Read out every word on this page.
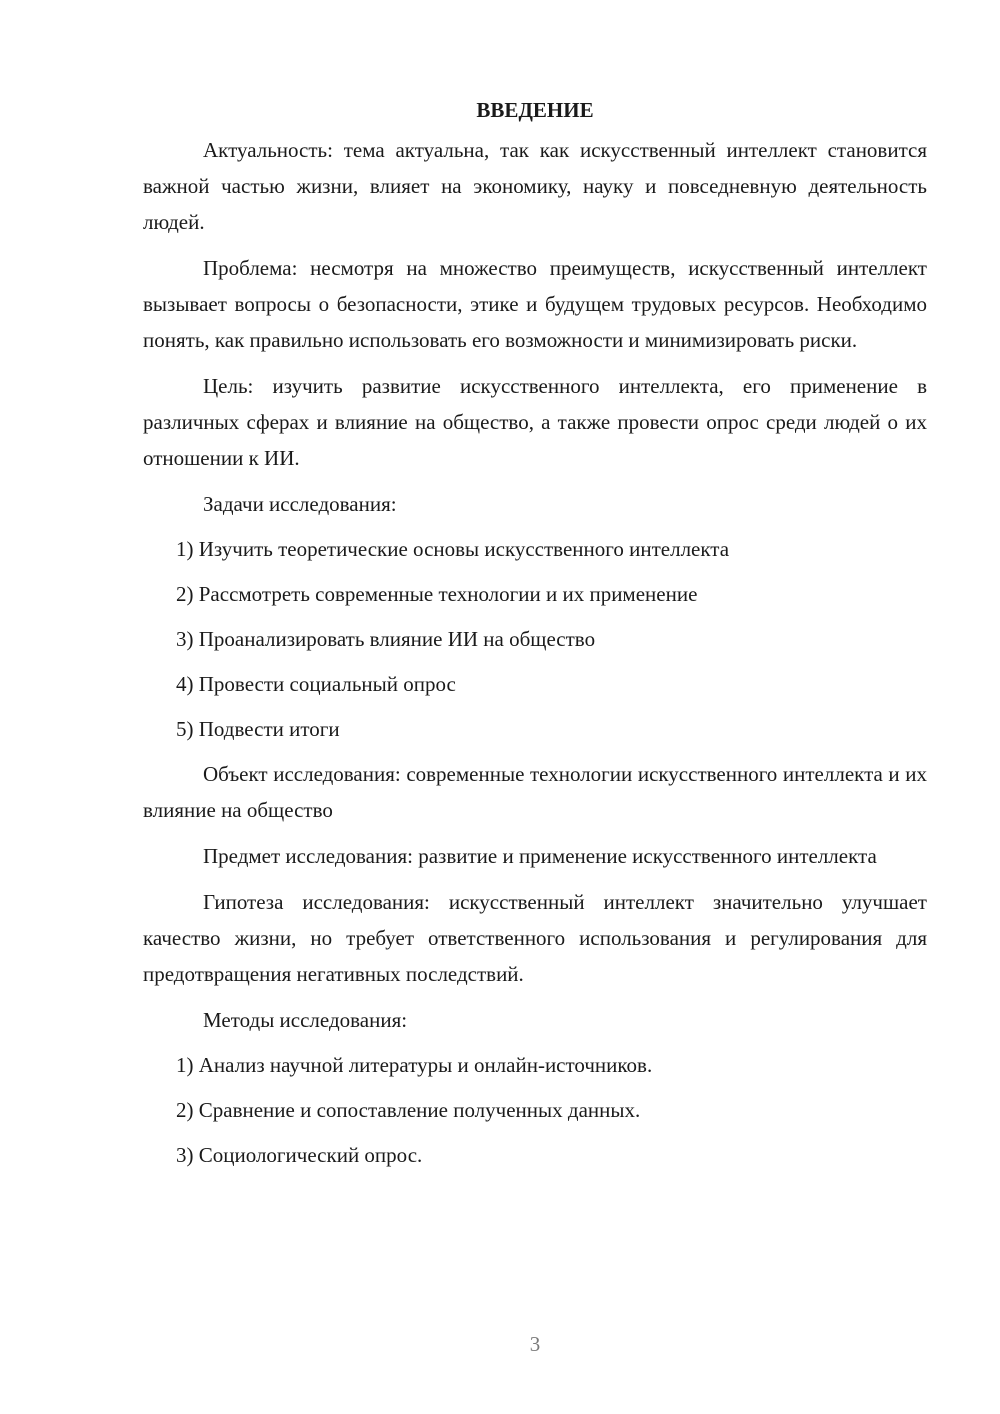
ВВЕДЕНИЕ

Актуальность: тема актуальна, так как искусственный интеллект становится важной частью жизни, влияет на экономику, науку и повседневную деятельность людей.

Проблема: несмотря на множество преимуществ, искусственный интеллект вызывает вопросы о безопасности, этике и будущем трудовых ресурсов. Необходимо понять, как правильно использовать его возможности и минимизировать риски.

Цель: изучить развитие искусственного интеллекта, его применение в различных сферах и влияние на общество, а также провести опрос среди людей о их отношении к ИИ.

Задачи исследования:

1) Изучить теоретические основы искусственного интеллекта
2) Рассмотреть современные технологии и их применение
3) Проанализировать влияние ИИ на общество
4) Провести социальный опрос
5) Подвести итоги

Объект исследования: современные технологии искусственного интеллекта и их влияние на общество

Предмет исследования: развитие и применение искусственного интеллекта

Гипотеза исследования: искусственный интеллект значительно улучшает качество жизни, но требует ответственного использования и регулирования для предотвращения негативных последствий.

Методы исследования:

1) Анализ научной литературы и онлайн-источников.
2) Сравнение и сопоставление полученных данных.
3) Социологический опрос.
3
